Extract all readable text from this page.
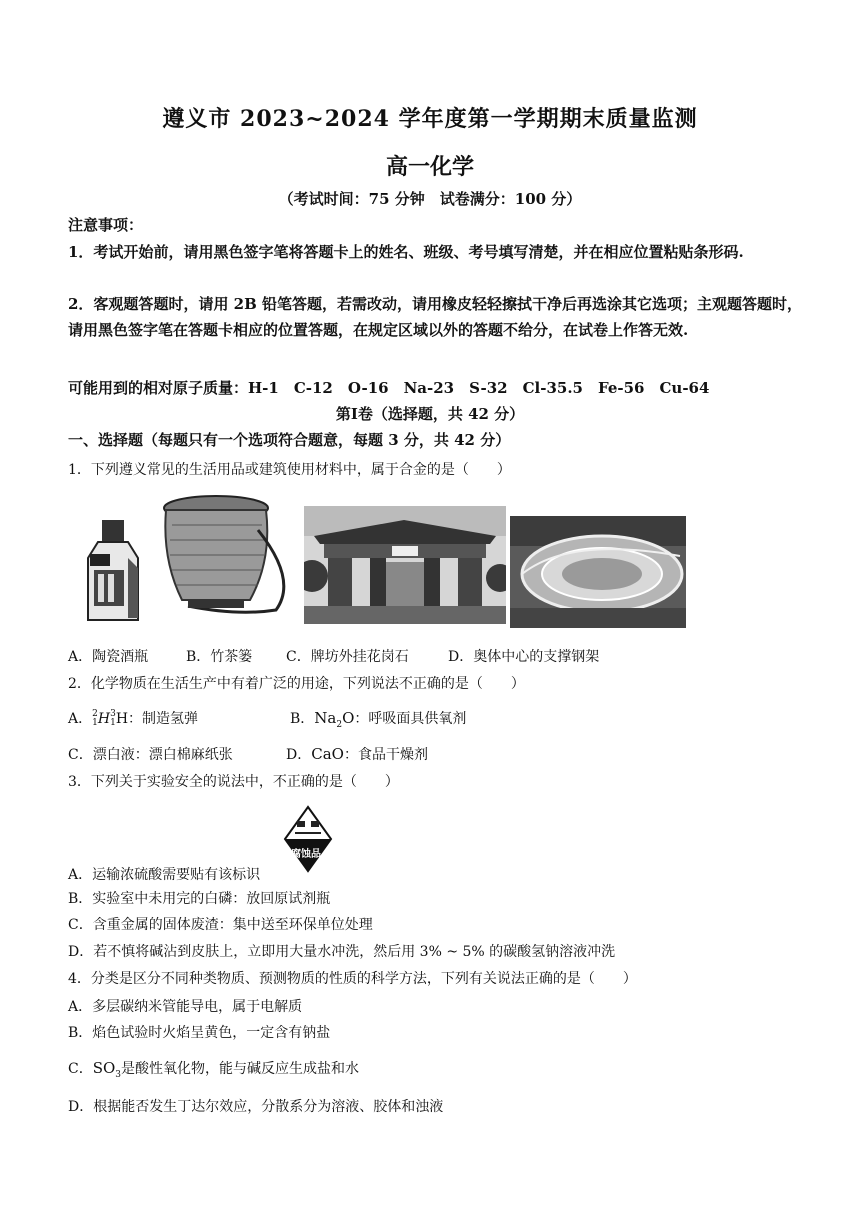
遵义市 2023~2024 学年度第一学期期末质量监测
高一化学
（考试时间：75 分钟　试卷满分：100 分）
注意事项：
1．考试开始前，请用黑色签字笔将答题卡上的姓名、班级、考号填写清楚，并在相应位置粘贴条形码.
2．客观题答题时，请用 2B 铅笔答题，若需改动，请用橡皮轻轻擦拭干净后再选涂其它选项；主观题答题时，请用黑色签字笔在答题卡相应的位置答题，在规定区域以外的答题不给分，在试卷上作答无效.
可能用到的相对原子质量：H-1　C-12　O-16　Na-23　S-32　Cl-35.5　Fe-56　Cu-64
第Ⅰ卷（选择题，共 42 分）
一、选择题（每题只有一个选项符合题意，每题 3 分，共 42 分）
1．下列遵义常见的生活用品或建筑使用材料中，属于合金的是（　　）
A．陶瓷酒瓶	B．竹茶篓 C．牌坊外挂花岗石	D．奥体中心的支撑钢架
2．化学物质在生活生产中有着广泛的用途，下列说法不正确的是（　　）
A． 2
1 H 3
1 H：制造氢弹	B．$Na_2O$：呼吸面具供氧剂
C．漂白液：漂白棉麻纸张	D．CaO：食品干燥剂
3．下列关于实验安全的说法中，不正确的是（　　）
腐蚀品
A．运输浓硫酸需要贴有该标识
B．实验室中未用完的白磷：放回原试剂瓶
C．含重金属的固体废渣：集中送至环保单位处理
D．若不慎将碱沾到皮肤上，立即用大量水冲洗，然后用 3% ~ 5% 的碳酸氢钠溶液冲洗
4．分类是区分不同种类物质、预测物质的性质的科学方法，下列有关说法正确的是（　　）
A．多层碳纳米管能导电，属于电解质
B．焰色试验时火焰呈黄色，一定含有钠盐
C．$SO_3$是酸性氧化物，能与碱反应生成盐和水
D．根据能否发生丁达尔效应，分散系分为溶液、胶体和浊液
